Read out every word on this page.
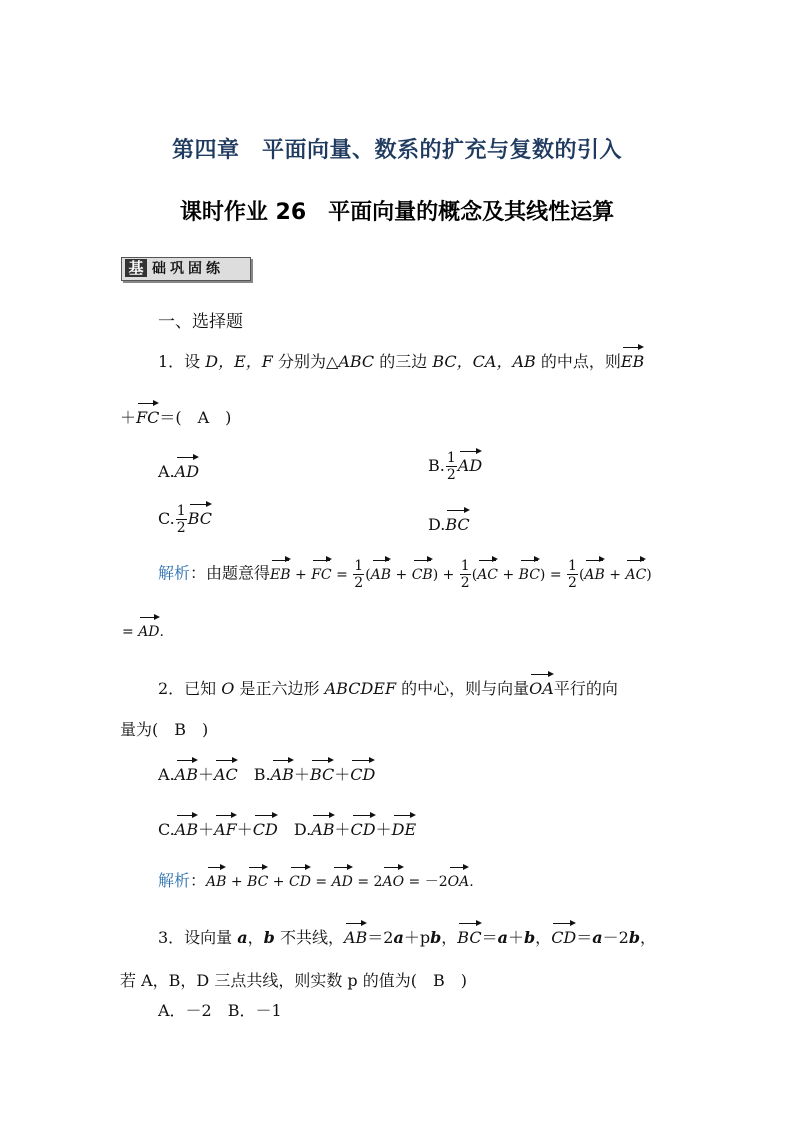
第四章　平面向量、数系的扩充与复数的引入
课时作业 26　平面向量的概念及其线性运算
基 础巩固练
一、选择题
1．设 D，E，F 分别为△ABC 的三边 BC，CA，AB 的中点，则EB
＋FC＝(　A　)
A.AD	B. $\frac{1}{2}$ AD
C. $\frac{1}{2}$ BC	D.BC
解析：由题意得EB + FC = $\frac{1}{2} (AB + CB) + \frac{1}{2} (AC + BC) = \frac{1}{2} (AB + AC)$
= AD.
2．已知 O 是正六边形 ABCDEF 的中心，则与向量OA平行的向
量为(　B　)
A.AB＋AC　 B.AB＋BC＋CD
C.AB＋AF＋CD　 D.AB＋CD＋DE
解析：AB + BC + CD = AD = 2AO = －2OA.
3．设向量 a，b 不共线，AB＝2a＋pb，BC＝a＋b，CD＝a－2b，
若 A，B，D 三点共线，则实数 p 的值为(　B　)
A．－2　 B．－1
